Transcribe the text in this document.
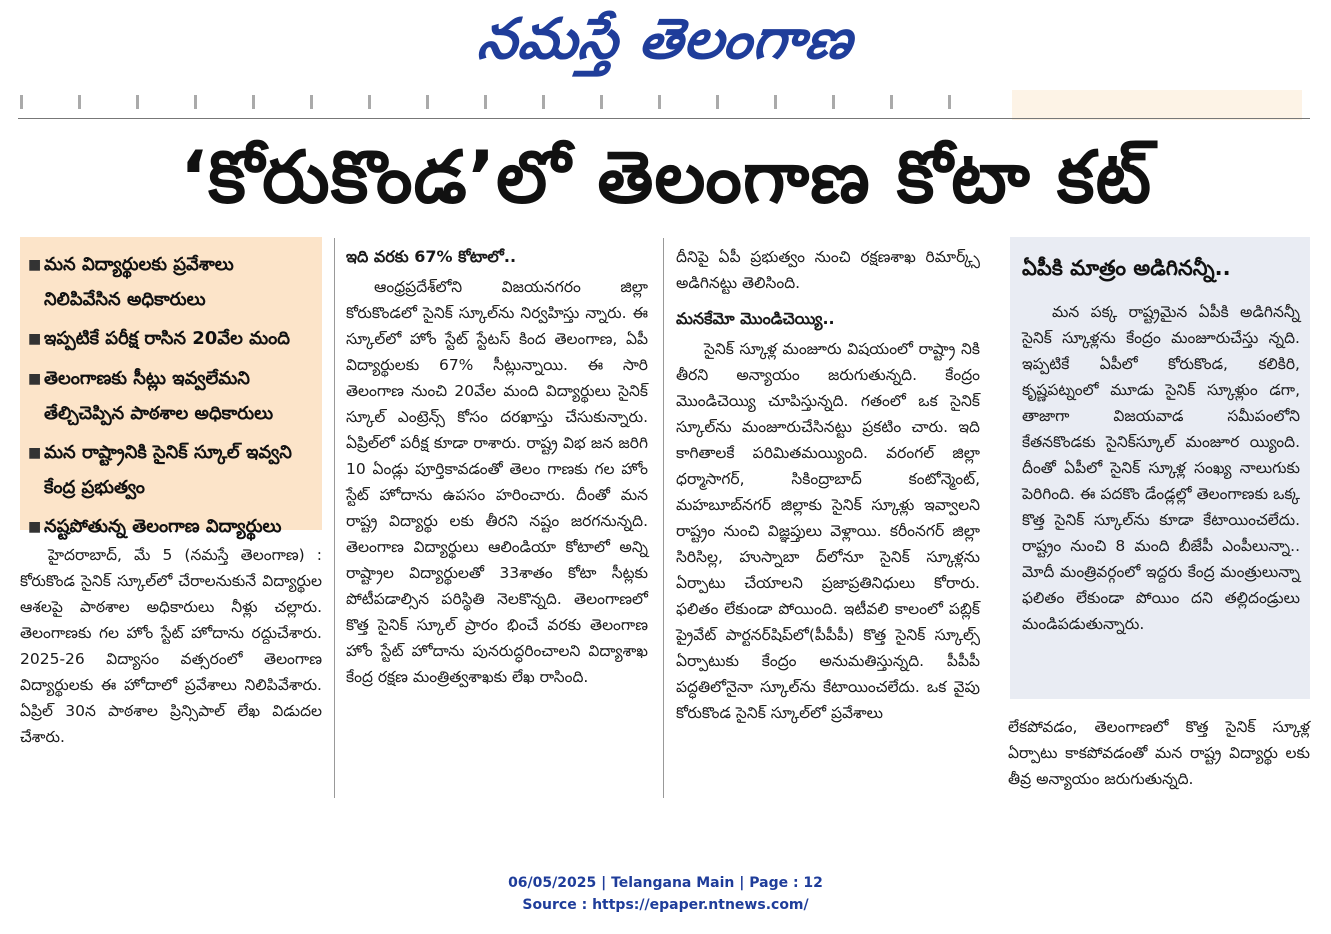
నమస్తే తెలంగాణ
‘కోరుకొండ’లో తెలంగాణ కోటా కట్
■ మన విద్యార్థులకు ప్రవేశాలు నిలిపివేసిన అధికారులు
■ ఇప్పటికే పరీక్ష రాసిన 20వేల మంది
■ తెలంగాణకు సీట్లు ఇవ్వలేమని తేల్చిచెప్పిన పాఠశాల అధికారులు
■ మన రాష్ట్రానికి సైనిక్ స్కూల్ ఇవ్వని కేంద్ర ప్రభుత్వం
■ నష్టపోతున్న తెలంగాణ విద్యార్థులు

హైదరాబాద్, మే 5 (నమస్తే తెలంగాణ) : కోరుకొండ సైనిక్ స్కూల్‌లో చేరాలనుకునే విద్యార్థుల ఆశలపై పాఠశాల అధికారులు నీళ్లు చల్లారు. తెలంగాణకు గల హోం స్టేట్ హోదాను రద్దుచేశారు. 2025-26 విద్యాసం వత్సరంలో తెలంగాణ విద్యార్థులకు ఈ హోదాలో ప్రవేశాలు నిలిపివేశారు. ఏప్రిల్ 30న పాఠశాల ప్రిన్సిపాల్ లేఖ విడుదల చేశారు.

ఇది వరకు 67% కోటాలో..

ఆంధ్రప్రదేశ్‌లోని విజయనగరం జిల్లా కోరుకొండలో సైనిక్ స్కూల్‌ను నిర్వహిస్తు న్నారు. ఈ స్కూల్‌లో హోం స్టేట్ స్టేటస్ కింద తెలంగాణ, ఏపీ విద్యార్థులకు 67% సీట్లున్నాయి. ఈ సారి తెలంగాణ నుంచి 20వేల మంది విద్యార్థులు సైనిక్ స్కూల్ ఎంట్రెన్స్ కోసం దరఖాస్తు చేసుకున్నారు. ఏప్రిల్‌లో పరీక్ష కూడా రాశారు. రాష్ట్ర విభ జన జరిగి 10 ఏండ్లు పూర్తికావడంతో తెలం గాణకు గల హోం స్టేట్ హోదాను ఉపసం హరించారు. దీంతో మన రాష్ట్ర విద్యార్థు లకు తీరని నష్టం జరగనున్నది. తెలంగాణ విద్యార్థులు ఆలిండియా కోటాలో అన్ని రాష్ట్రాల విద్యార్థులతో 33శాతం కోటా సీట్లకు పోటీపడాల్సిన పరిస్థితి నెలకొన్నది. తెలంగాణలో కొత్త సైనిక్ స్కూల్ ప్రారం భించే వరకు తెలంగాణ హోం స్టేట్ హోదాను పునరుద్ధరించాలని విద్యాశాఖ కేంద్ర రక్షణ మంత్రిత్వశాఖకు లేఖ రాసింది.

దీనిపై ఏపీ ప్రభుత్వం నుంచి రక్షణశాఖ రిమార్క్స్ అడిగినట్టు తెలిసింది.

మనకేమో మొండిచెయ్యి..

సైనిక్ స్కూళ్ల మంజూరు విషయంలో రాష్ట్రా నికి తీరని అన్యాయం జరుగుతున్నది. కేంద్రం మొండిచెయ్యి చూపిస్తున్నది. గతంలో ఒక సైనిక్ స్కూల్‌ను మంజూరుచేసినట్టు ప్రకటిం చారు. ఇది కాగితాలకే పరిమితమయ్యింది. వరంగల్ జిల్లా ధర్మాసాగర్, సికింద్రాబాద్ కంటోన్మెంట్, మహబూబ్‌నగర్ జిల్లాకు సైనిక్ స్కూళ్లు ఇవ్వాలని రాష్ట్రం నుంచి విజ్ఞప్తులు వెళ్లాయి. కరీంనగర్ జిల్లా సిరిసిల్ల, హుస్నాబా ద్‌లోనూ సైనిక్ స్కూళ్లను ఏర్పాటు చేయాలని ప్రజాప్రతినిధులు కోరారు. ఫలితం లేకుండా పోయింది. ఇటీవలి కాలంలో పబ్లిక్ ప్రైవేట్ పార్టనర్‌షిప్‌లో(పీపీపీ) కొత్త సైనిక్ స్కూల్స్ ఏర్పాటుకు కేంద్రం అనుమతిస్తున్నది. పీపీపీ పద్ధతిలోనైనా స్కూల్‌ను కేటాయించలేదు. ఒక వైపు కోరుకొండ సైనిక్ స్కూల్‌లో ప్రవేశాలు

ఏపీకి మాత్రం అడిగినన్నీ..

మన పక్క రాష్ట్రమైన ఏపీకి అడిగినన్నీ సైనిక్ స్కూళ్లను కేంద్రం మంజూరుచేస్తు న్నది. ఇప్పటికే ఏపీలో కోరుకొండ, కలికిరి, కృష్ణపట్నంలో మూడు సైనిక్ స్కూళ్లుం డగా, తాజాగా విజయవాడ సమీపంలోని కేతనకొండకు సైనిక్‌స్కూల్ మంజూర య్యింది. దీంతో ఏపీలో సైనిక్ స్కూళ్ల సంఖ్య నాలుగుకు పెరిగింది. ఈ పదకొం డేండ్లల్లో తెలంగాణకు ఒక్క కొత్త సైనిక్ స్కూల్‌ను కూడా కేటాయించలేదు. రాష్ట్రం నుంచి 8 మంది బీజేపీ ఎంపీలున్నా.. మోదీ మంత్రివర్గంలో ఇద్దరు కేంద్ర మంత్రులున్నా ఫలితం లేకుండా పోయిం దని తల్లిదండ్రులు మండిపడుతున్నారు.

లేకపోవడం, తెలంగాణలో కొత్త సైనిక్ స్కూళ్ల ఏర్పాటు కాకపోవడంతో మన రాష్ట్ర విద్యార్థు లకు తీవ్ర అన్యాయం జరుగుతున్నది.

06/05/2025 | Telangana Main | Page : 12
Source : https://epaper.ntnews.com/
